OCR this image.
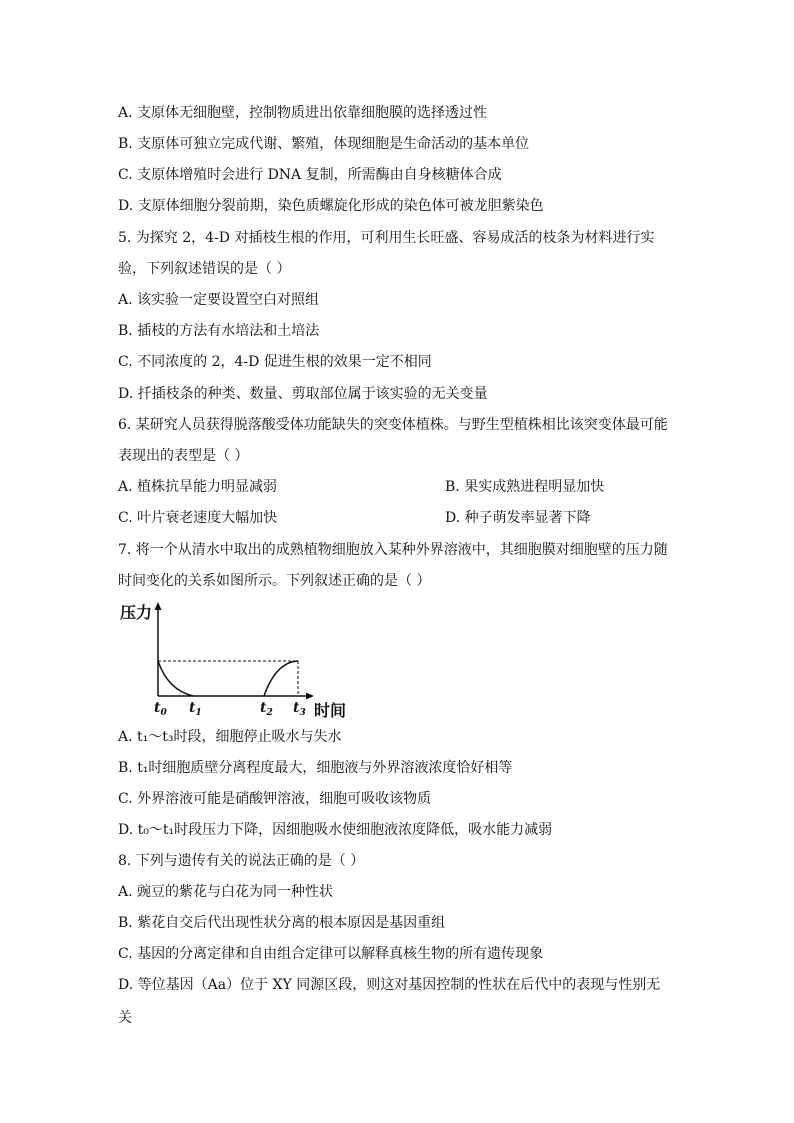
A. 支原体无细胞壁，控制物质进出依靠细胞膜的选择透过性
B. 支原体可独立完成代谢、繁殖，体现细胞是生命活动的基本单位
C. 支原体增殖时会进行 DNA 复制，所需酶由自身核糖体合成
D. 支原体细胞分裂前期，染色质螺旋化形成的染色体可被龙胆紫染色
5. 为探究 2，4-D 对插枝生根的作用，可利用生长旺盛、容易成活的枝条为材料进行实
验，下列叙述错误的是（ ）
A. 该实验一定要设置空白对照组
B. 插枝的方法有水培法和土培法
C. 不同浓度的 2，4-D 促进生根的效果一定不相同
D. 扦插枝条的种类、数量、剪取部位属于该实验的无关变量
6. 某研究人员获得脱落酸受体功能缺失的突变体植株。与野生型植株相比该突变体最可能
表现出的表型是（ ）
A. 植株抗旱能力明显减弱	B. 果实成熟进程明显加快
C. 叶片衰老速度大幅加快	D. 种子萌发率显著下降
7. 将一个从清水中取出的成熟植物细胞放入某种外界溶液中，其细胞膜对细胞壁的压力随
时间变化的关系如图所示。下列叙述正确的是（ ）
压力
时间
$t_0$ $t_1$	$t_2$ $t_3$
A. t₁～t₃时段，细胞停止吸水与失水
B. t₁时细胞质壁分离程度最大，细胞液与外界溶液浓度恰好相等
C. 外界溶液可能是硝酸钾溶液，细胞可吸收该物质
D. t₀～t₁时段压力下降，因细胞吸水使细胞液浓度降低，吸水能力减弱
8. 下列与遗传有关的说法正确的是（ ）
A. 豌豆的紫花与白花为同一种性状
B. 紫花自交后代出现性状分离的根本原因是基因重组
C. 基因的分离定律和自由组合定律可以解释真核生物的所有遗传现象
D. 等位基因（Aa）位于 XY 同源区段，则这对基因控制的性状在后代中的表现与性别无
关
